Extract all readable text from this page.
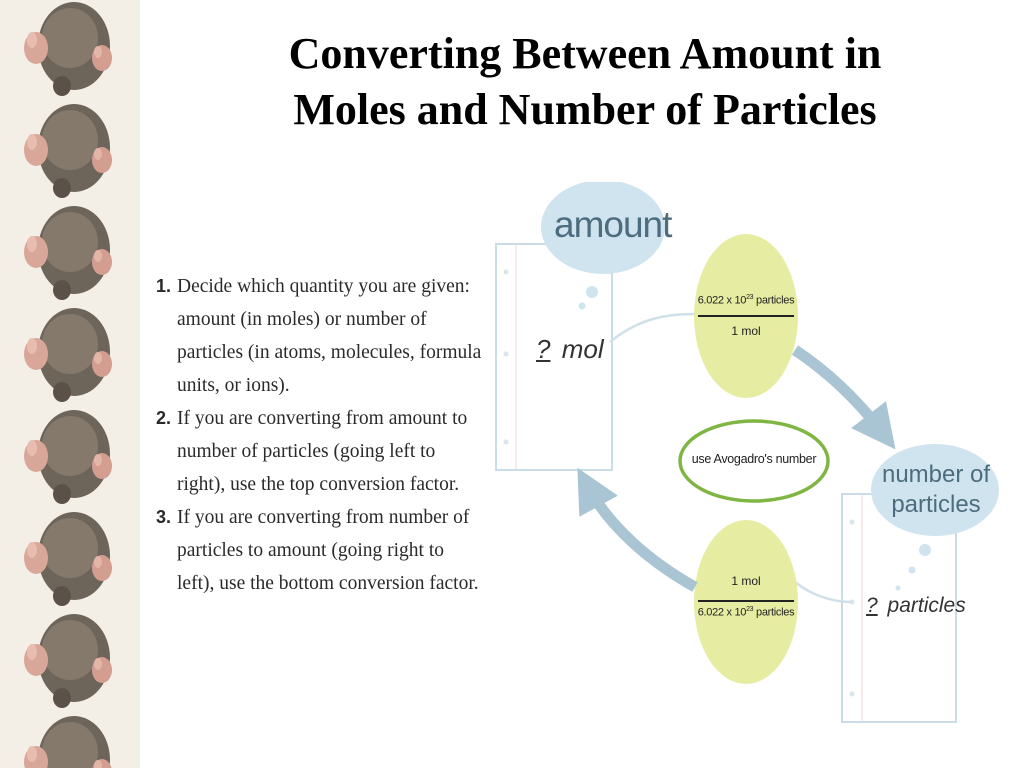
Converting Between Amount in
Moles and Number of Particles

1. Decide which quantity you are given: amount (in moles) or number of particles (in atoms, molecules, formula units, or ions).

2. If you are converting from amount to number of particles (going left to right), use the top conversion factor.

3. If you are converting from number of particles to amount (going right to left), use the bottom conversion factor.

amount
? mol
6.022 x $10^{23}$ particles
1 mol
use Avogadro's number
number of
particles
1 mol
6.022 x $10^{23}$ particles	? particles
